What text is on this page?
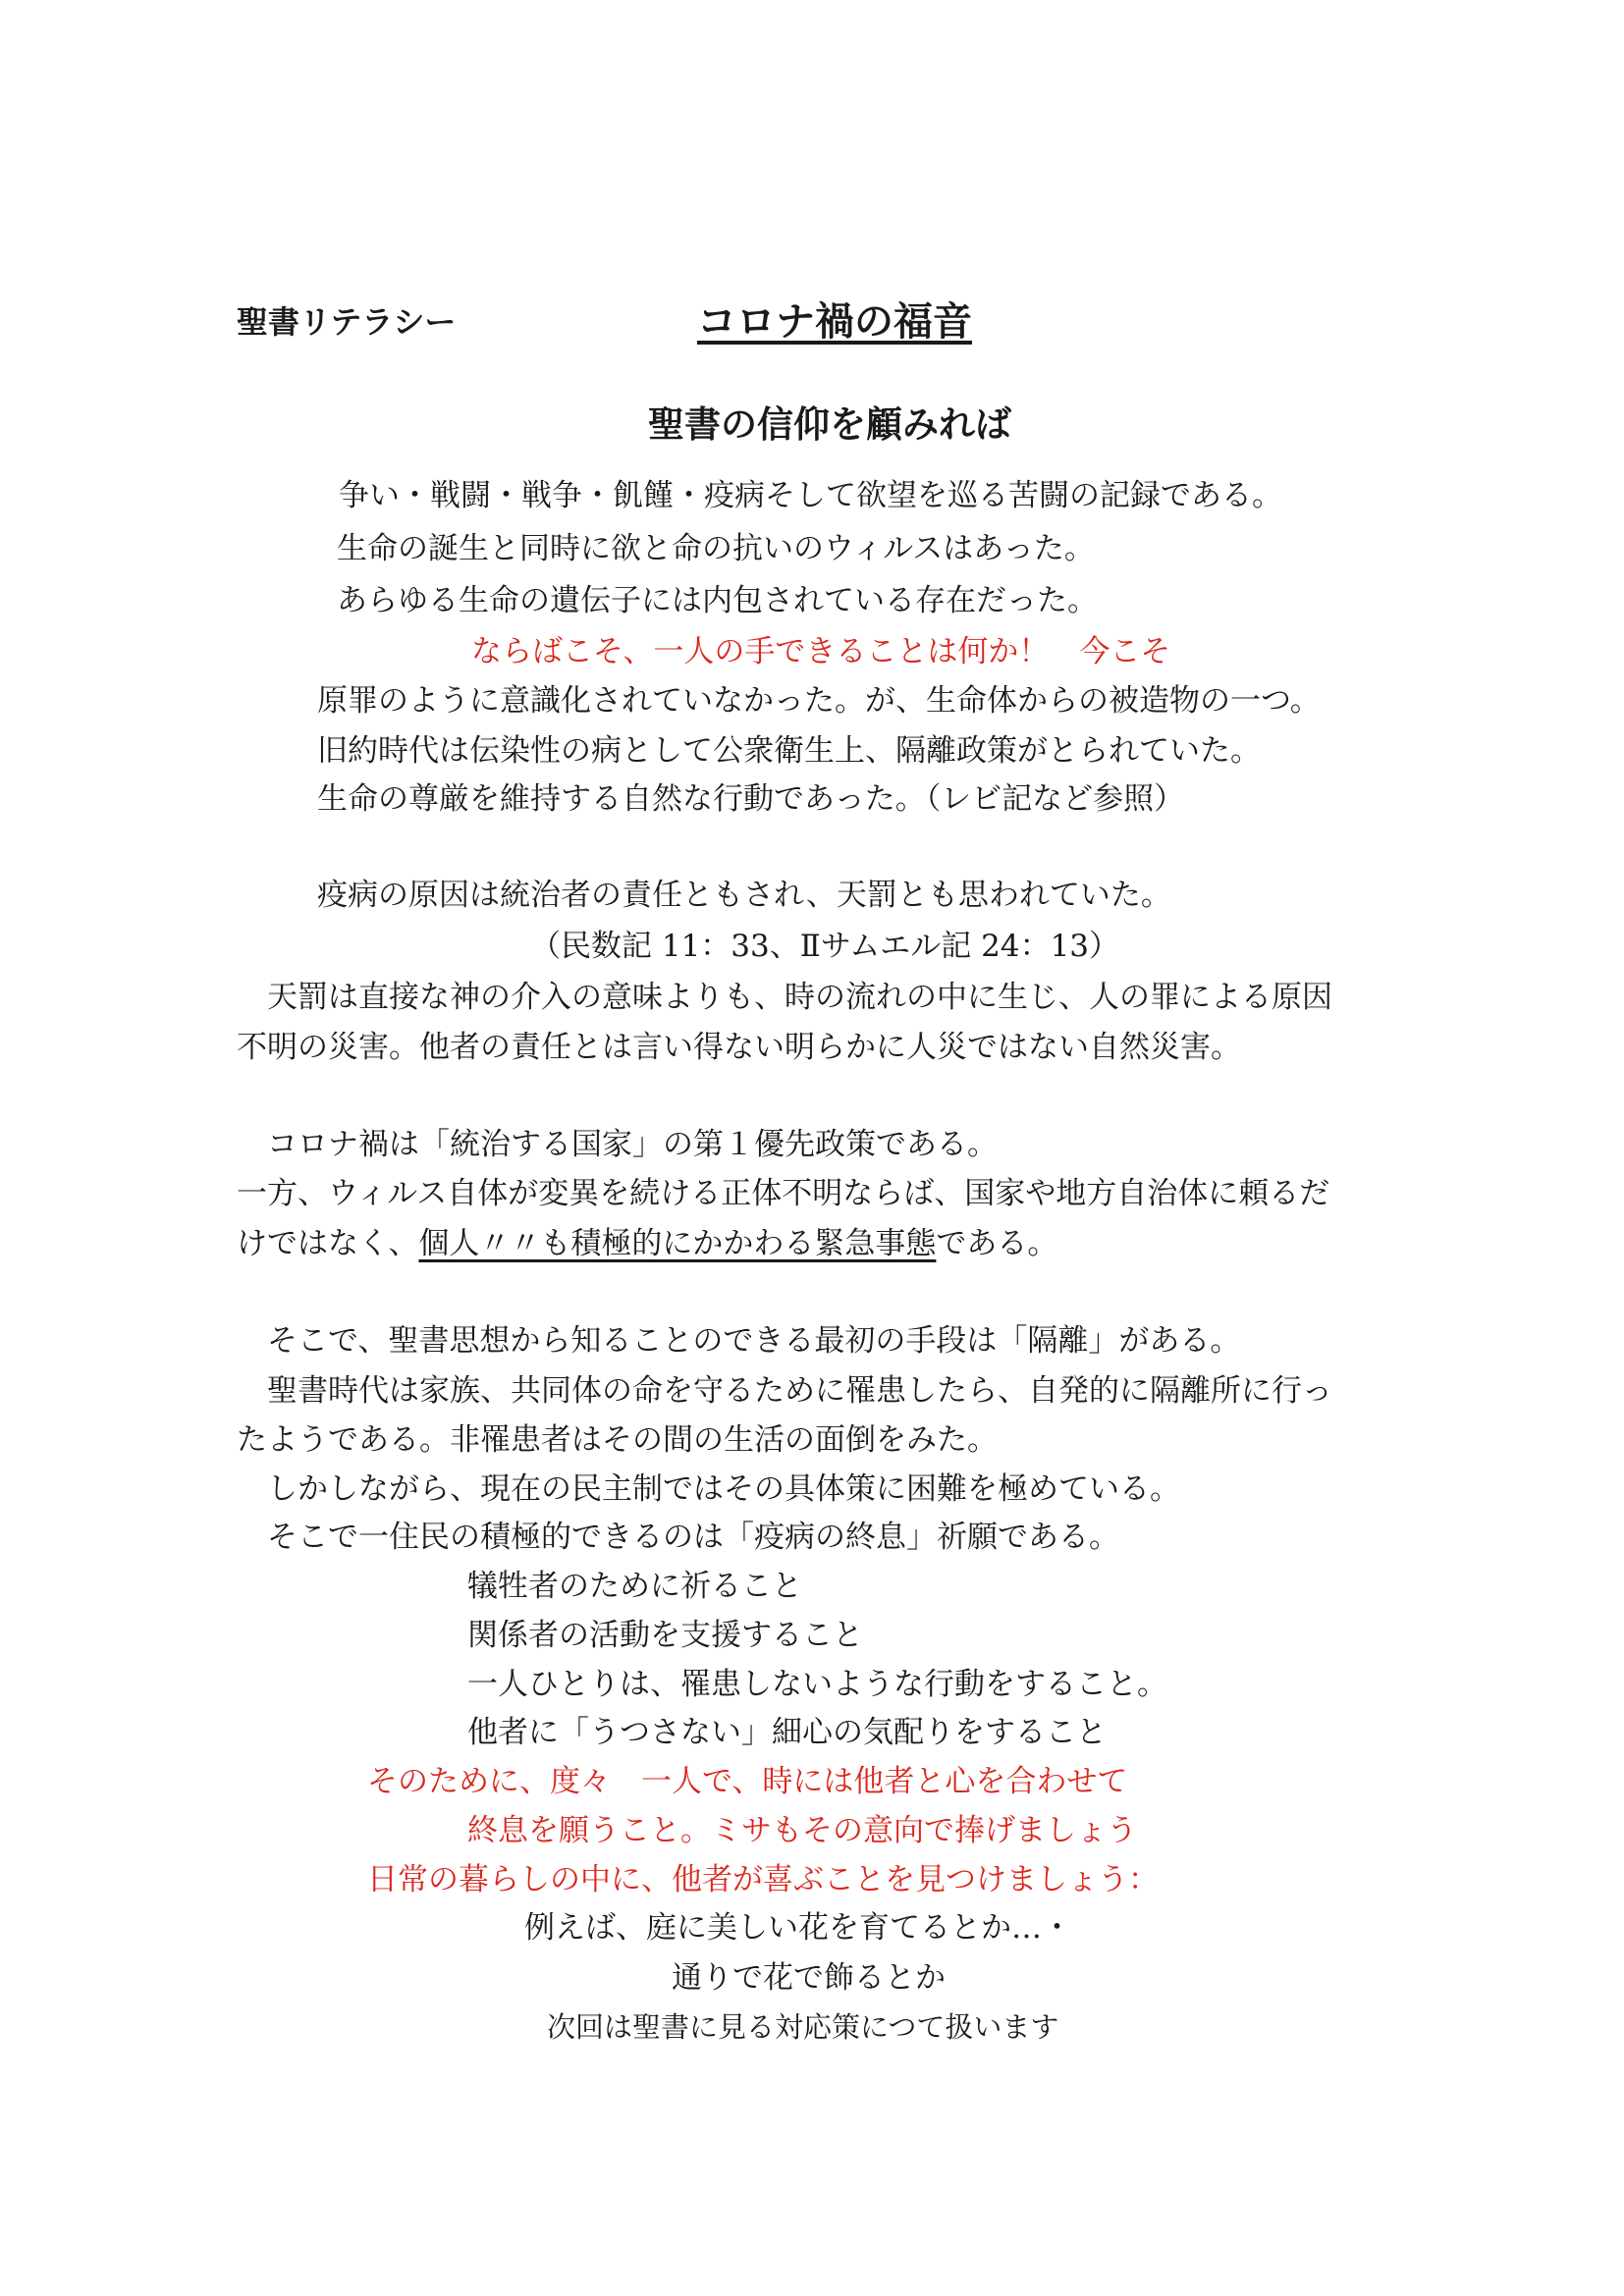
聖書リテラシー	コロナ禍の福音
聖書の信仰を顧みれば
争い・戦闘・戦争・飢饉・疫病そして欲望を巡る苦闘の記録である。
生命の誕生と同時に欲と命の抗いのウィルスはあった。
あらゆる生命の遺伝子には内包されている存在だった。
ならばこそ、一人の手できることは何か！　今こそ
原罪のように意識化されていなかった。が、生命体からの被造物の一つ。
旧約時代は伝染性の病として公衆衛生上、隔離政策がとられていた。
生命の尊厳を維持する自然な行動であった。（レビ記など参照）
疫病の原因は統治者の責任ともされ、天罰とも思われていた。
（民数記 11：33、Ⅱサムエル記 24：13）
天罰は直接な神の介入の意味よりも、時の流れの中に生じ、人の罪による原因
不明の災害。他者の責任とは言い得ない明らかに人災ではない自然災害。
コロナ禍は「統治する国家」の第１優先政策である。
一方、ウィルス自体が変異を続ける正体不明ならば、国家や地方自治体に頼るだ
けではなく、個人〃〃も積極的にかかわる緊急事態である。
そこで、聖書思想から知ることのできる最初の手段は「隔離」がある。
聖書時代は家族、共同体の命を守るために罹患したら、自発的に隔離所に行っ
たようである。非罹患者はその間の生活の面倒をみた。
しかしながら、現在の民主制ではその具体策に困難を極めている。
そこで一住民の積極的できるのは「疫病の終息」祈願である。
犠牲者のために祈ること
関係者の活動を支援すること
一人ひとりは、罹患しないような行動をすること。
他者に「うつさない」細心の気配りをすること
そのために、度々　一人で、時には他者と心を合わせて
終息を願うこと。ミサもその意向で捧げましょう
日常の暮らしの中に、他者が喜ぶことを見つけましょう：
例えば、庭に美しい花を育てるとか…・
通りで花で飾るとか
次回は聖書に見る対応策につて扱います
